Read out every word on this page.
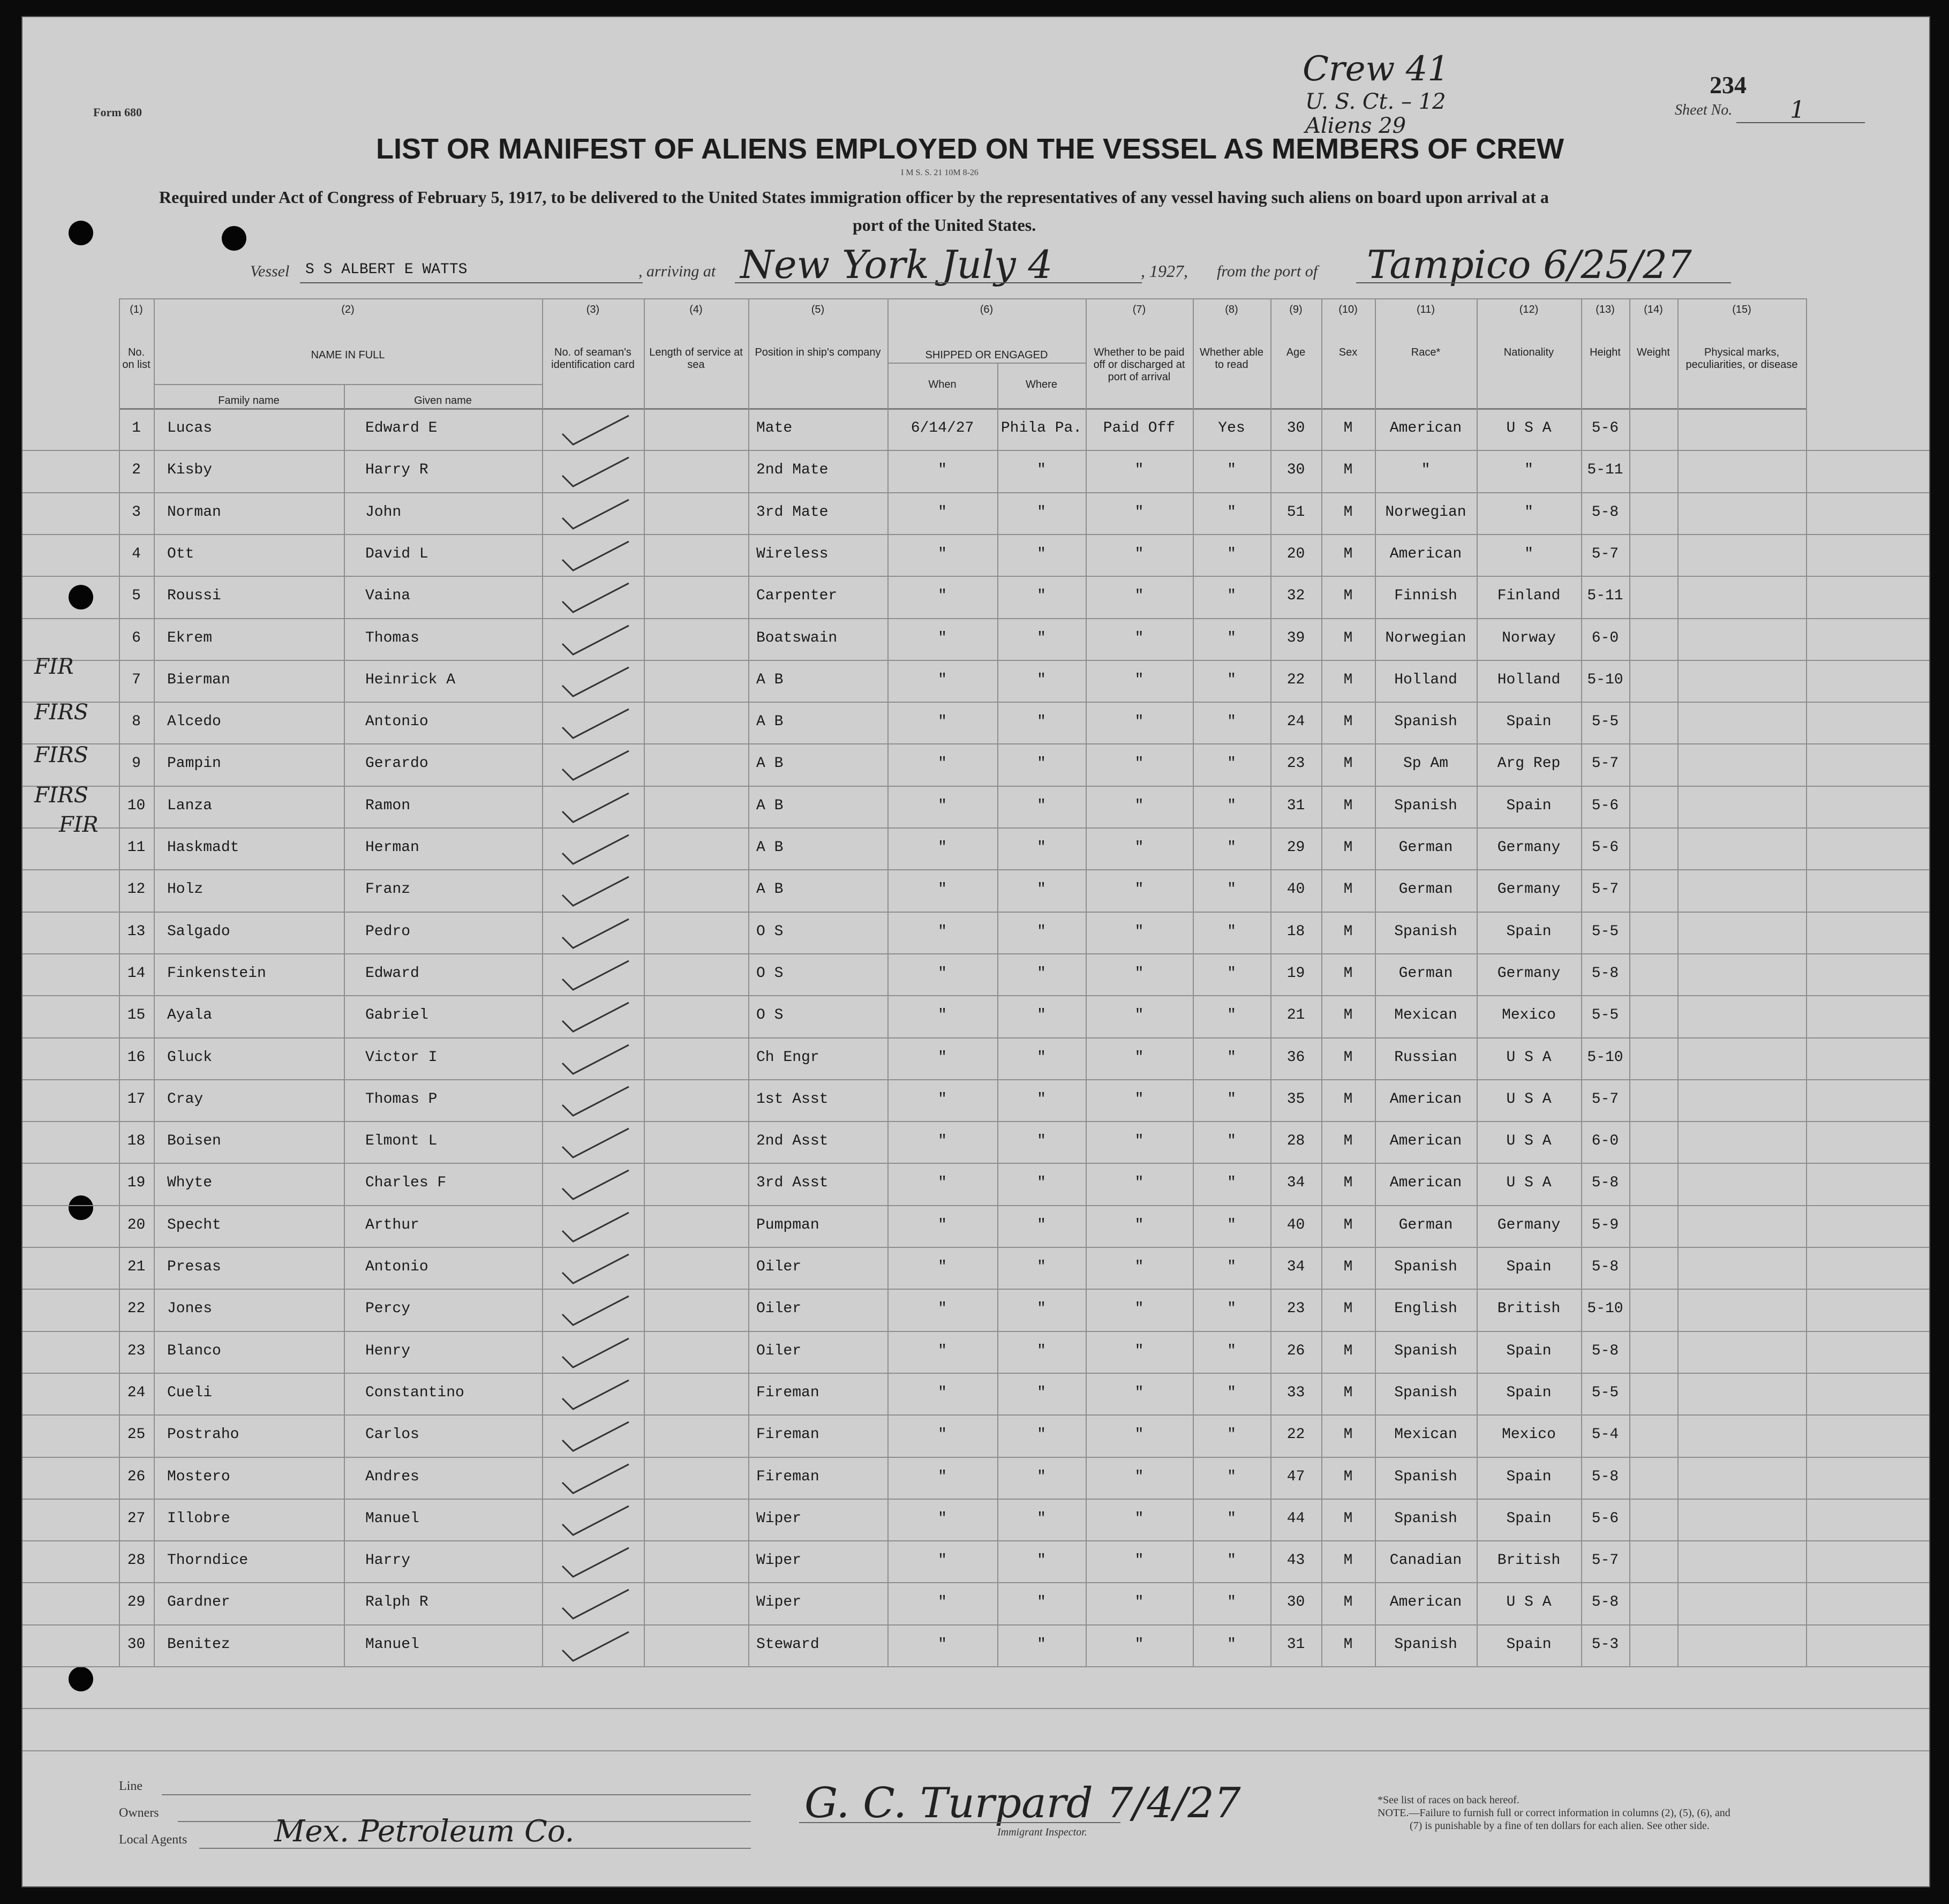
Form 680
Crew 41
U. S. Ct. – 12
Aliens 29
234
Sheet No. 1
LIST OR MANIFEST OF ALIENS EMPLOYED ON THE VESSEL AS MEMBERS OF CREW
I M S. S. 21 10M 8-26
Required under Act of Congress of February 5, 1917, to be delivered to the United States immigration officer by the representatives of any vessel having such aliens on board upon arrival at a
port of the United States.
Vessel S S ALBERT E WATTS	, arriving at New York July 4	, 1927, from the port of Tampico 6/25/27
(1)
No. on list
(2)
NAME IN FULL
(3)
No. of seaman's identification card
(4)
Length of service at sea
(5)
Position in ship's company
(6)
SHIPPED OR ENGAGED
(7)
Whether to be paid off or discharged at port of arrival
(8)
Whether able to read
(9)
Age
(10)
Sex
(11)
Race*
(12)
Nationality
(13)
Height
(14)
Weight
(15)
Physical marks, peculiarities, or disease
Family name	Given name
When	Where
1	Lucas	Edward E	Mate	6/14/27	Phila Pa.	Paid Off	Yes	30	M	American	U S A	5-6
2	Kisby	Harry R	2nd Mate	"	"	"	"	30	M	"	"	5-11
3	Norman	John	3rd Mate	"	"	"	"	51	M	Norwegian	"	5-8
4	Ott	David L	Wireless	"	"	"	"	20	M	American	"	5-7
5	Roussi	Vaina	Carpenter	"	"	"	"	32	M	Finnish	Finland	5-11
6	Ekrem	Thomas	Boatswain	"	"	"	"	39	M	Norwegian	Norway	6-0
7	Bierman	Heinrick A	A B	"	"	"	"	22	M	Holland	Holland	5-10
8	Alcedo	Antonio	A B	"	"	"	"	24	M	Spanish	Spain	5-5
9	Pampin	Gerardo	A B	"	"	"	"	23	M	Sp Am	Arg Rep	5-7
10	Lanza	Ramon	A B	"	"	"	"	31	M	Spanish	Spain	5-6
11	Haskmadt	Herman	A B	"	"	"	"	29	M	German	Germany	5-6
12	Holz	Franz	A B	"	"	"	"	40	M	German	Germany	5-7
13	Salgado	Pedro	O S	"	"	"	"	18	M	Spanish	Spain	5-5
14	Finkenstein	Edward	O S	"	"	"	"	19	M	German	Germany	5-8
15	Ayala	Gabriel	O S	"	"	"	"	21	M	Mexican	Mexico	5-5
16	Gluck	Victor I	Ch Engr	"	"	"	"	36	M	Russian	U S A	5-10
17	Cray	Thomas P	1st Asst	"	"	"	"	35	M	American	U S A	5-7
18	Boisen	Elmont L	2nd Asst	"	"	"	"	28	M	American	U S A	6-0
19	Whyte	Charles F	3rd Asst	"	"	"	"	34	M	American	U S A	5-8
20	Specht	Arthur	Pumpman	"	"	"	"	40	M	German	Germany	5-9
21	Presas	Antonio	Oiler	"	"	"	"	34	M	Spanish	Spain	5-8
22	Jones	Percy	Oiler	"	"	"	"	23	M	English	British	5-10
23	Blanco	Henry	Oiler	"	"	"	"	26	M	Spanish	Spain	5-8
24	Cueli	Constantino	Fireman	"	"	"	"	33	M	Spanish	Spain	5-5
25	Postraho	Carlos	Fireman	"	"	"	"	22	M	Mexican	Mexico	5-4
26	Mostero	Andres	Fireman	"	"	"	"	47	M	Spanish	Spain	5-8
27	Illobre	Manuel	Wiper	"	"	"	"	44	M	Spanish	Spain	5-6
28	Thorndice	Harry	Wiper	"	"	"	"	43	M	Canadian	British	5-7
29	Gardner	Ralph R	Wiper	"	"	"	"	30	M	American	U S A	5-8
30	Benitez	Manuel	Steward	"	"	"	"	31	M	Spanish	Spain	5-3
FIR
FIRS
FIRS
FIRS
FIR
Line
Owners
Local Agents	Mex. Petroleum Co.
G. C. Turpard 7/4/27
Immigrant Inspector.
*See list of races on back hereof.
NOTE.—Failure to furnish full or correct information in columns (2), (5), (6), and
(7) is punishable by a fine of ten dollars for each alien. See other side.
